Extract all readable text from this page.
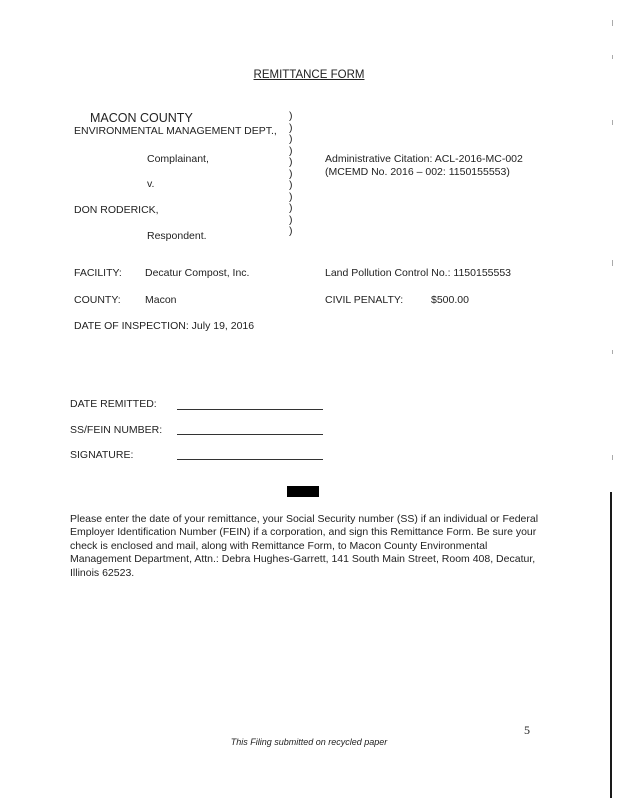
REMITTANCE FORM
MACON COUNTY
ENVIRONMENTAL MANAGEMENT DEPT.,
Complainant,
v.
DON RODERICK,
Respondent.
)
)
)
)
)
)
)
)
)
)
)
Administrative Citation: ACL-2016-MC-002
(MCEMD No. 2016 – 002: 1150155553)
FACILITY: Decatur Compost, Inc.
COUNTY: Macon
DATE OF INSPECTION: July 19, 2016
Land Pollution Control No.: 1150155553
CIVIL PENALTY:	$500.00
DATE REMITTED:
SS/FEIN NUMBER:
SIGNATURE:
Please enter the date of your remittance, your Social Security number (SS) if an individual or Federal Employer Identification Number (FEIN) if a corporation, and sign this Remittance Form. Be sure your check is enclosed and mail, along with Remittance Form, to Macon County Environmental Management Department, Attn.: Debra Hughes-Garrett, 141 South Main Street, Room 408, Decatur, Illinois 62523.
5
This Filing submitted on recycled paper
